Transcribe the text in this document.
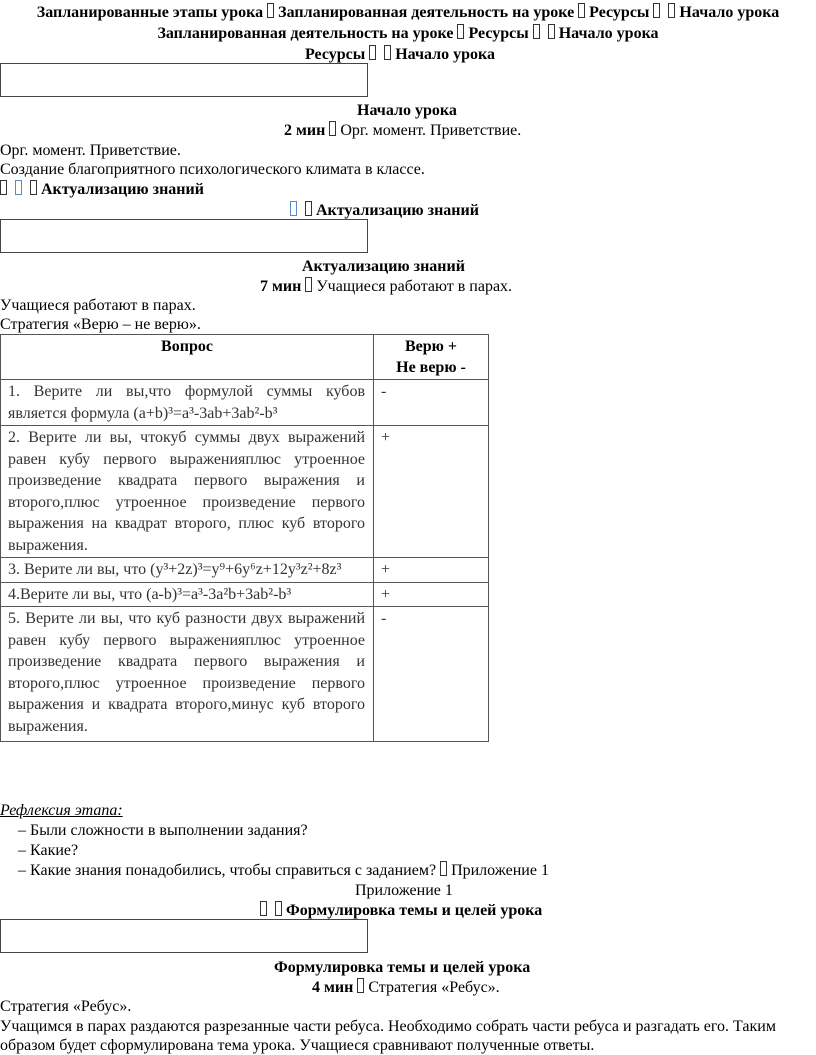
Запланированные этапы урока Запланированная деятельность на уроке Ресурсы Начало урока
Запланированная деятельность на уроке Ресурсы Начало урока
Ресурсы Начало урока
Начало урока
2 мин Орг. момент. Приветствие.
Орг. момент. Приветствие.
Создание благоприятного психологического климата в классе.
Актуализацию знаний
Актуализацию знаний
Актуализацию знаний
7 мин Учащиеся работают в парах.
Учащиеся работают в парах.
Стратегия «Верю – не верю».
Вопрос	Верю +
Не верю -

1. Верите ли вы,что формулой суммы кубов является формула (a+b)³=a³-3ab+3ab²-b³	-
2. Верите ли вы, чтокуб суммы двух выражений равен кубу первого выраженияплюс утроенное произведение квадрата первого выражения и второго,плюс утроенное произведение первого выражения на квадрат второго, плюс куб второго выражения.	+
3. Верите ли вы, что (y³+2z)³=y⁹+6y⁶z+12y³z²+8z³	+
4.Верите ли вы, что (a-b)³=a³-3a²b+3ab²-b³	+
5. Верите ли вы, что куб разности двух выражений равен кубу первого выраженияплюс утроенное произведение квадрата первого выражения и второго,плюс утроенное произведение первого выражения и квадрата второго,минус куб второго выражения.	-
Рефлексия этапа:
– Были сложности в выполнении задания?
– Какие?
– Какие знания понадобились, чтобы справиться с заданием? Приложение 1
Приложение 1
Формулировка темы и целей урока
Формулировка темы и целей урока
4 мин Стратегия «Ребус».
Стратегия «Ребус».
Учащимся в парах раздаются разрезанные части ребуса. Необходимо собрать части ребуса и разгадать его. Таким
образом будет сформулирована тема урока. Учащиеся сравнивают полученные ответы.
